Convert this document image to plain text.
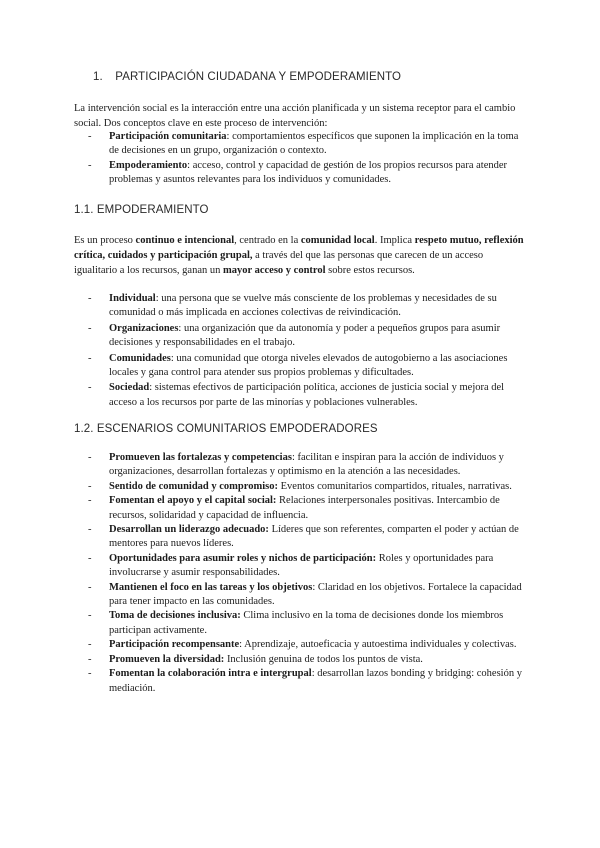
1. PARTICIPACIÓN CIUDADANA Y EMPODERAMIENTO

La intervención social es la interacción entre una acción planificada y un sistema receptor para el cambio social. Dos conceptos clave en este proceso de intervención:

- Participación comunitaria: comportamientos específicos que suponen la implicación en la toma de decisiones en un grupo, organización o contexto.
- Empoderamiento: acceso, control y capacidad de gestión de los propios recursos para atender problemas y asuntos relevantes para los individuos y comunidades.
1.1. EMPODERAMIENTO

Es un proceso continuo e intencional, centrado en la comunidad local. Implica respeto mutuo, reflexión crítica, cuidados y participación grupal, a través del que las personas que carecen de un acceso igualitario a los recursos, ganan un mayor acceso y control sobre estos recursos.

- Individual: una persona que se vuelve más consciente de los problemas y necesidades de su comunidad o más implicada en acciones colectivas de reivindicación.
- Organizaciones: una organización que da autonomía y poder a pequeños grupos para asumir decisiones y responsabilidades en el trabajo.
- Comunidades: una comunidad que otorga niveles elevados de autogobierno a las asociaciones locales y gana control para atender sus propios problemas y dificultades.
- Sociedad: sistemas efectivos de participación política, acciones de justicia social y mejora del acceso a los recursos por parte de las minorías y poblaciones vulnerables.
1.2. ESCENARIOS COMUNITARIOS EMPODERADORES
- Promueven las fortalezas y competencias: facilitan e inspiran para la acción de individuos y organizaciones, desarrollan fortalezas y optimismo en la atención a las necesidades.
- Sentido de comunidad y compromiso: Eventos comunitarios compartidos, rituales, narrativas.
- Fomentan el apoyo y el capital social: Relaciones interpersonales positivas. Intercambio de recursos, solidaridad y capacidad de influencia.
- Desarrollan un liderazgo adecuado: Líderes que son referentes, comparten el poder y actúan de mentores para nuevos líderes.
- Oportunidades para asumir roles y nichos de participación: Roles y oportunidades para involucrarse y asumir responsabilidades.
- Mantienen el foco en las tareas y los objetivos: Claridad en los objetivos. Fortalece la capacidad para tener impacto en las comunidades.
- Toma de decisiones inclusiva: Clima inclusivo en la toma de decisiones donde los miembros participan activamente.
- Participación recompensante: Aprendizaje, autoeficacia y autoestima individuales y colectivas.
- Promueven la diversidad: Inclusión genuina de todos los puntos de vista.
- Fomentan la colaboración intra e intergrupal: desarrollan lazos bonding y bridging: cohesión y mediación.
